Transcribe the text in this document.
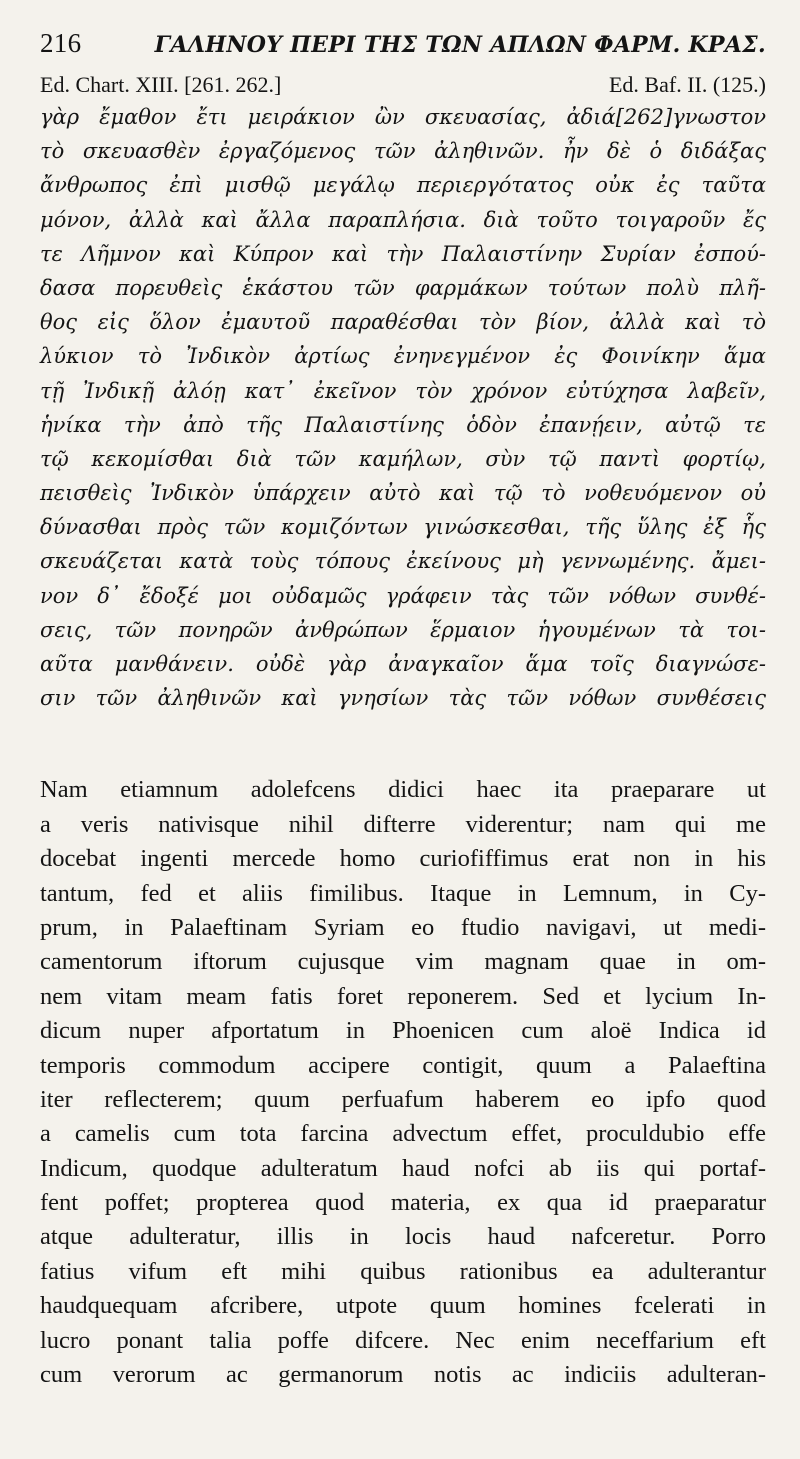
216	ΓΑΛΗΝΟΥ ΠΕΡΙ ΤΗΣ ΤΩΝ ΑΠΛΩΝ ΦΑΡΜ. ΚΡΑΣ.
Ed. Chart. XIII. [261. 262.]	Ed. Baf. II. (125.)
γὰρ ἔμαθον ἔτι μειράκιον ὢν σκευασίας, ἀδιά[262]γνωστον
τὸ σκευασθὲν ἐργαζόμενος τῶν ἀληθινῶν. ἦν δὲ ὁ διδάξας
ἄνθρωπος ἐπὶ μισθῷ μεγάλῳ περιεργότατος οὐκ ἐς ταῦτα
μόνον, ἀλλὰ καὶ ἄλλα παραπλήσια. διὰ τοῦτο τοιγαροῦν ἔς
τε Λῆμνον καὶ Κύπρον καὶ τὴν Παλαιστίνην Συρίαν ἐσπού-
δασα πορευθεὶς ἑκάστου τῶν φαρμάκων τούτων πολὺ πλῆ-
θος εἰς ὅλον ἐμαυτοῦ παραθέσθαι τὸν βίον, ἀλλὰ καὶ τὸ
λύκιον τὸ Ἰνδικὸν ἀρτίως ἐνηνεγμένον ἐς Φοινίκην ἅμα
τῇ Ἰνδικῇ ἀλόῃ κατ᾽ ἐκεῖνον τὸν χρόνον εὐτύχησα λαβεῖν,
ἡνίκα τὴν ἀπὸ τῆς Παλαιστίνης ὁδὸν ἐπανῄειν, αὐτῷ τε
τῷ κεκομίσθαι διὰ τῶν καμήλων, σὺν τῷ παντὶ φορτίῳ,
πεισθεὶς Ἰνδικὸν ὑπάρχειν αὐτὸ καὶ τῷ τὸ νοθευόμενον οὐ
δύνασθαι πρὸς τῶν κομιζόντων γινώσκεσθαι, τῆς ὕλης ἐξ ἧς
σκευάζεται κατὰ τοὺς τόπους ἐκείνους μὴ γεννωμένης. ἄμει-
νον δ᾽ ἔδοξέ μοι οὐδαμῶς γράφειν τὰς τῶν νόθων συνθέ-
σεις, τῶν πονηρῶν ἀνθρώπων ἕρμαιον ἡγουμένων τὰ τοι-
αῦτα μανθάνειν. οὐδὲ γὰρ ἀναγκαῖον ἅμα τοῖς διαγνώσε-
σιν τῶν ἀληθινῶν καὶ γνησίων τὰς τῶν νόθων συνθέσεις
Nam etiamnum adolefcens didici haec ita praeparare ut
a veris nativisque nihil difterre viderentur; nam qui me
docebat ingenti mercede homo curiofiffimus erat non in his
tantum, fed et aliis fimilibus. Itaque in Lemnum, in Cy-
prum, in Palaeftinam Syriam eo ftudio navigavi, ut medi-
camentorum iftorum cujusque vim magnam quae in om-
nem vitam meam fatis foret reponerem. Sed et lycium In-
dicum nuper afportatum in Phoenicen cum aloë Indica id
temporis commodum accipere contigit, quum a Palaeftina
iter reflecterem; quum perfuafum haberem eo ipfo quod
a camelis cum tota farcina advectum effet, proculdubio effe
Indicum, quodque adulteratum haud nofci ab iis qui portaf-
fent poffet; propterea quod materia, ex qua id praeparatur
atque adulteratur, illis in locis haud nafceretur. Porro
fatius vifum eft mihi quibus rationibus ea adulterantur
haudquequam afcribere, utpote quum homines fcelerati in
lucro ponant talia poffe difcere. Nec enim neceffarium eft
cum verorum ac germanorum notis ac indiciis adulteran-
